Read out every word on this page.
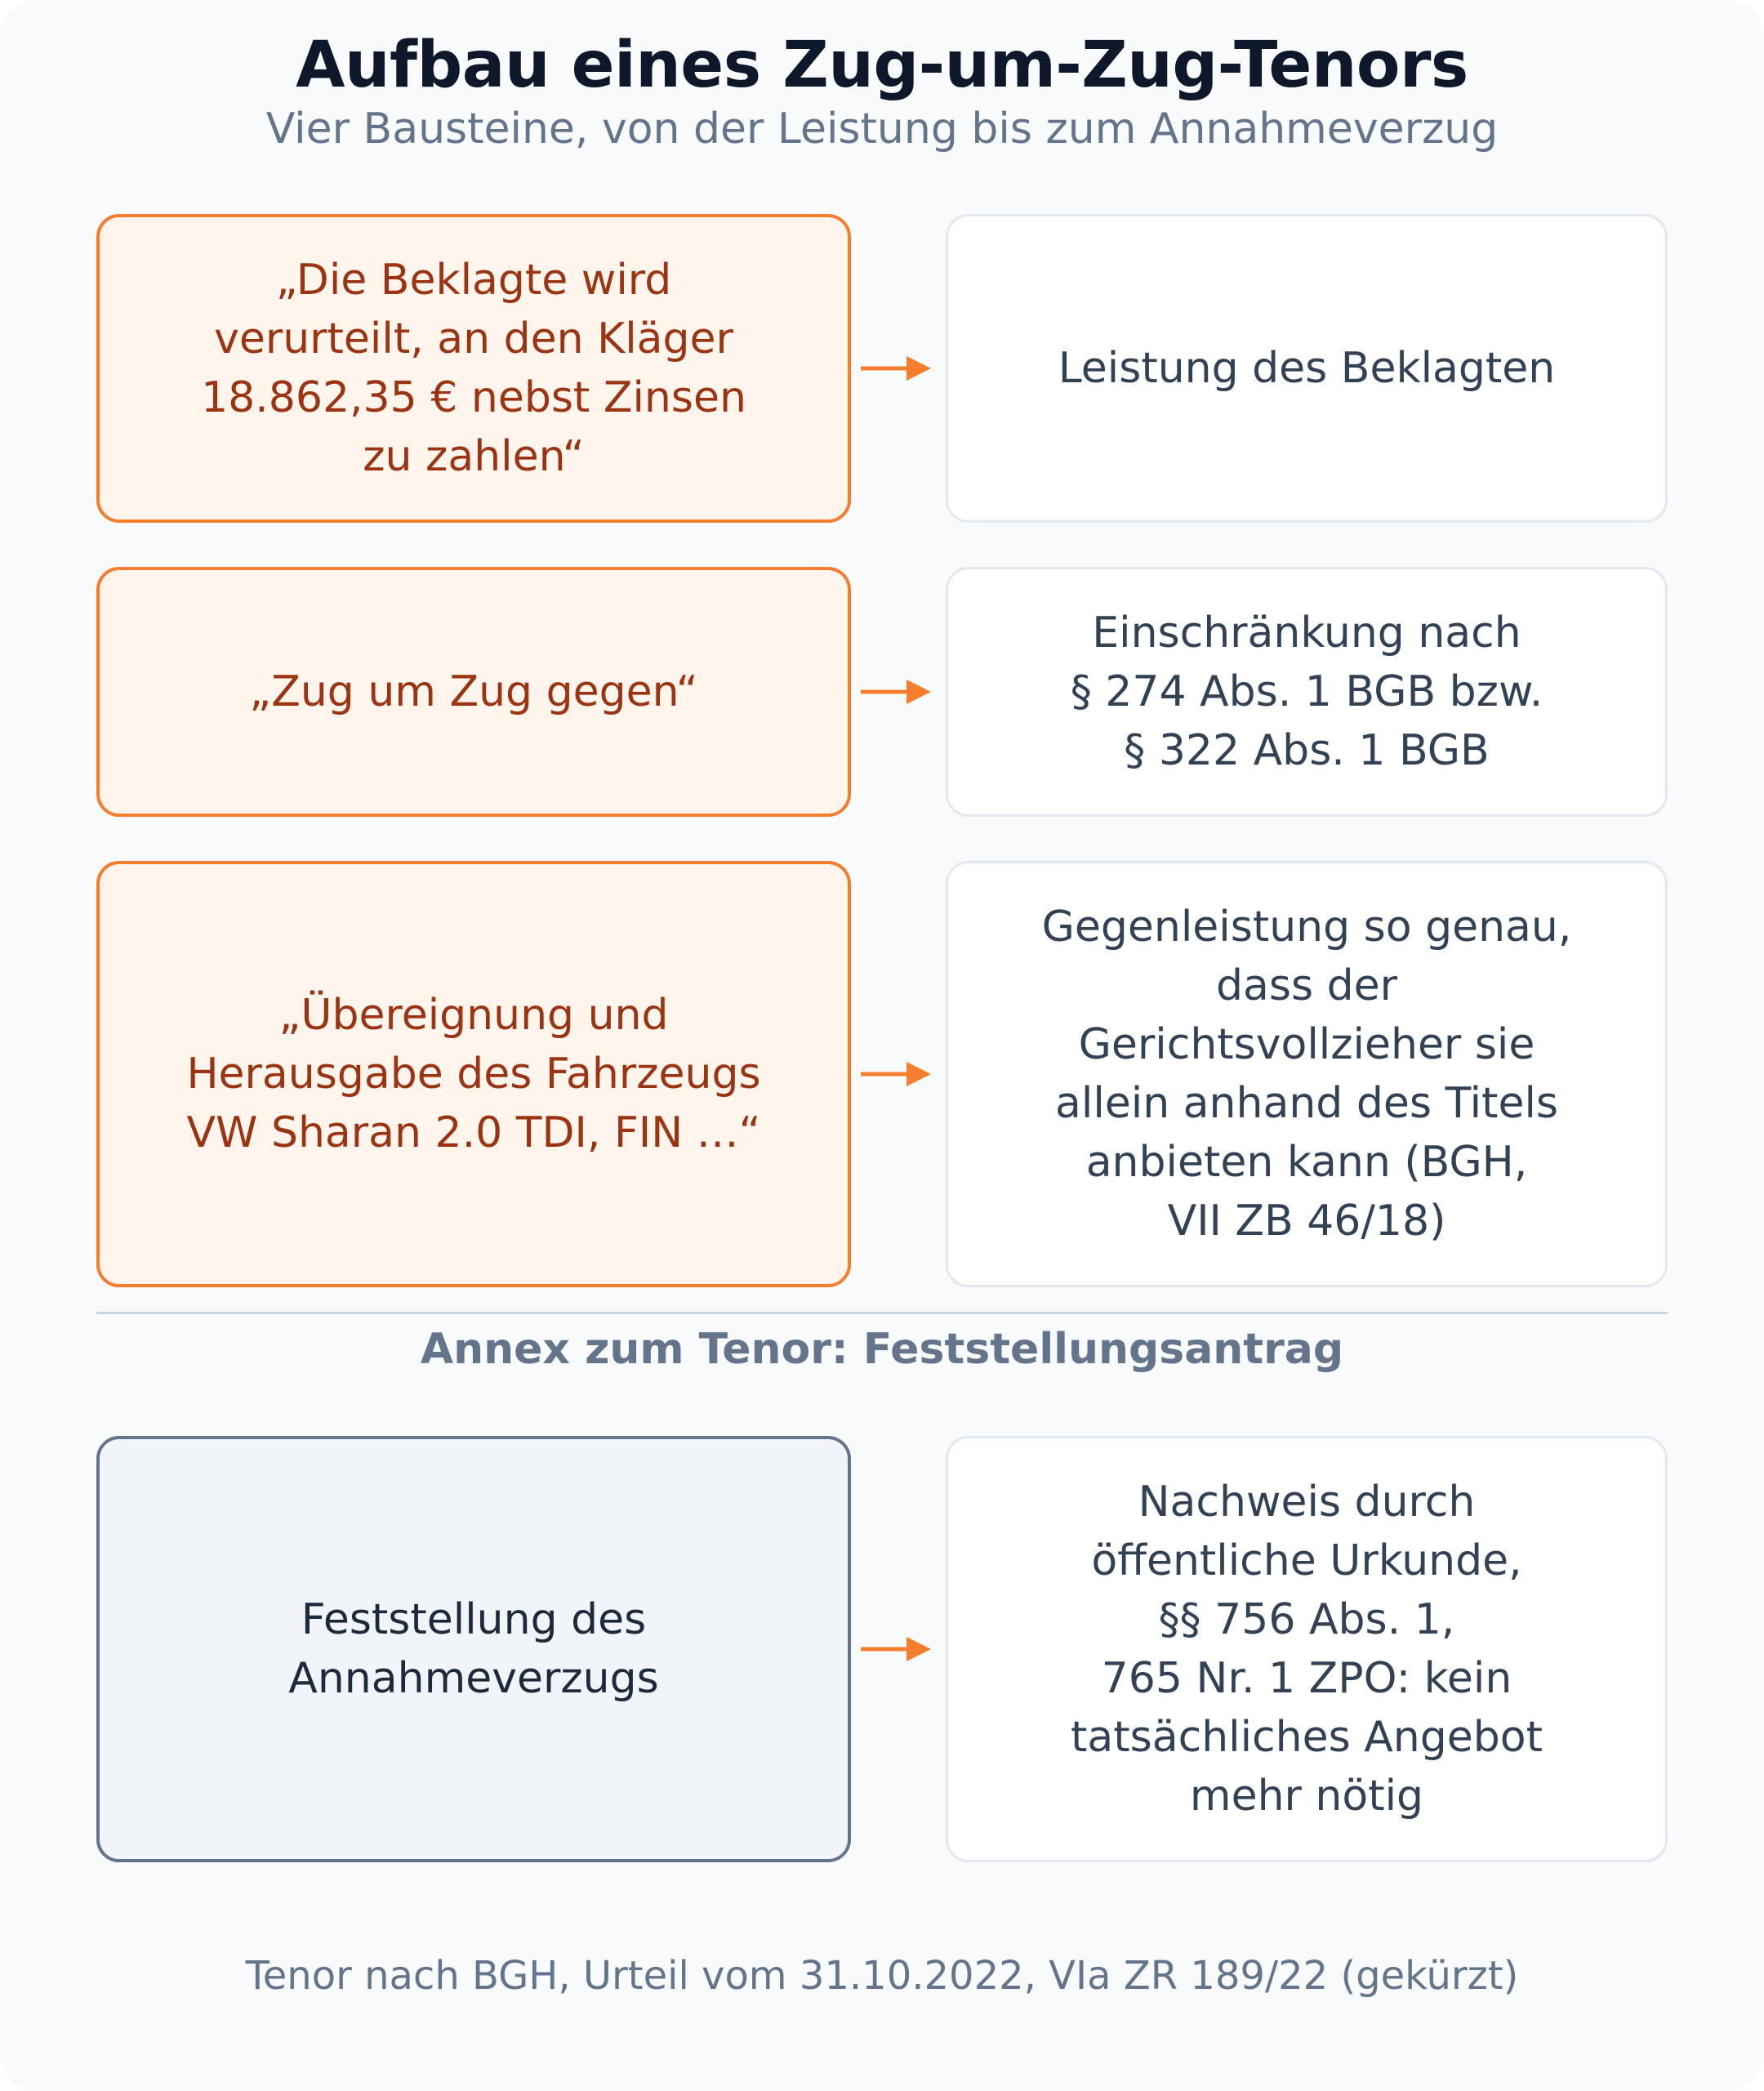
Aufbau eines Zug-um-Zug-Tenors
Vier Bausteine, von der Leistung bis zum Annahmeverzug
„Die Beklagte wird
verurteilt, an den Kläger
18.862,35 € nebst Zinsen
zu zahlen“
Leistung des Beklagten
„Zug um Zug gegen“
Einschränkung nach
§ 274 Abs. 1 BGB bzw.
§ 322 Abs. 1 BGB
„Übereignung und
Herausgabe des Fahrzeugs
VW Sharan 2.0 TDI, FIN …“
Gegenleistung so genau,
dass der
Gerichtsvollzieher sie
allein anhand des Titels
anbieten kann (BGH,
VII ZB 46/18)
Annex zum Tenor: Feststellungsantrag
Feststellung des
Annahmeverzugs
Nachweis durch
öffentliche Urkunde,
§§ 756 Abs. 1,
765 Nr. 1 ZPO: kein
tatsächliches Angebot
mehr nötig
Tenor nach BGH, Urteil vom 31.10.2022, VIa ZR 189/22 (gekürzt)
